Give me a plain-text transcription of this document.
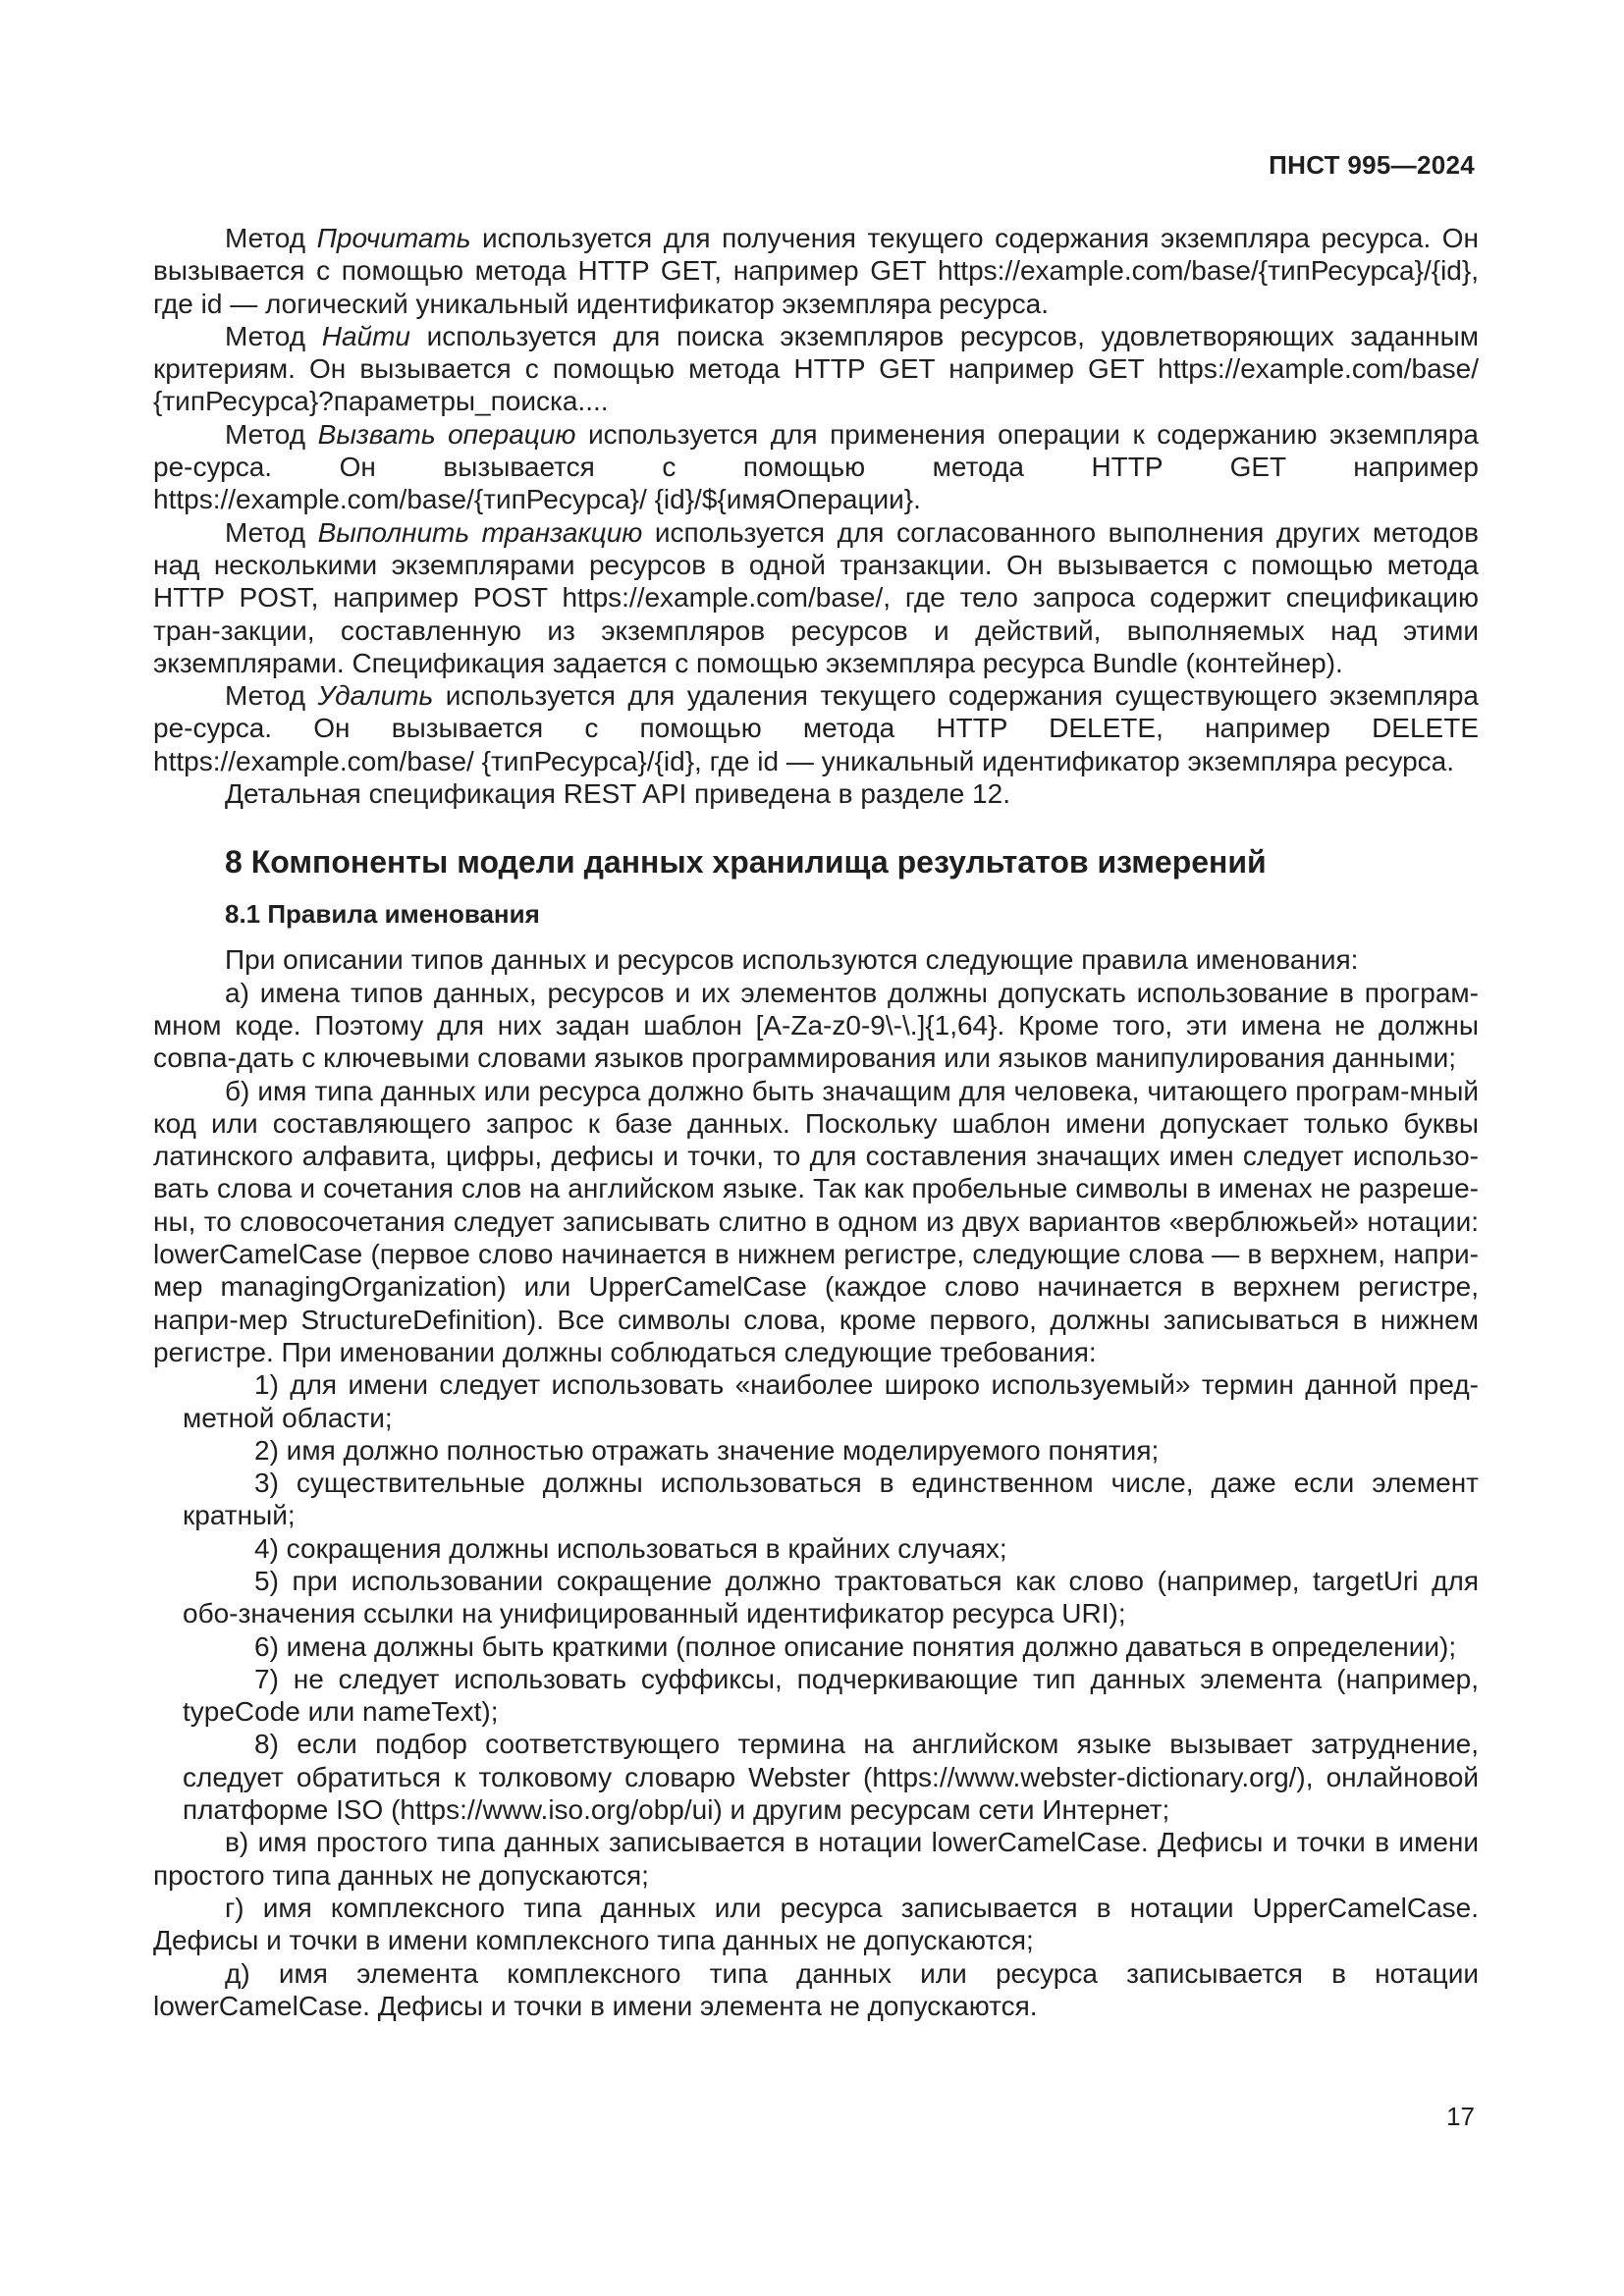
ПНСТ 995—2024

Метод Прочитать используется для получения текущего содержания экземпляра ресурса. Он вызывается с помощью метода HTTP GET, например GET https://example.com/base/{типРесурса}/{id}, где id — логический уникальный идентификатор экземпляра ресурса.

Метод Найти используется для поиска экземпляров ресурсов, удовлетворяющих заданным критериям. Он вызывается с помощью метода HTTP GET например GET https://example.com/base/ {типРесурса}?параметры_поиска....

Метод Вызвать операцию используется для применения операции к содержанию экземпляра ре-сурса. Он вызывается с помощью метода HTTP GET например https://example.com/base/{типРесурса}/ {id}/${имяОперации}.

Метод Выполнить транзакцию используется для согласованного выполнения других методов над несколькими экземплярами ресурсов в одной транзакции. Он вызывается с помощью метода HTTP POST, например POST https://example.com/base/, где тело запроса содержит спецификацию тран-закции, составленную из экземпляров ресурсов и действий, выполняемых над этими экземплярами. Спецификация задается с помощью экземпляра ресурса Bundle (контейнер).

Метод Удалить используется для удаления текущего содержания существующего экземпляра ре-сурса. Он вызывается с помощью метода HTTP DELETE, например DELETE https://example.com/base/ {типРесурса}/{id}, где id — уникальный идентификатор экземпляра ресурса.

Детальная спецификация REST API приведена в разделе 12.

8 Компоненты модели данных хранилища результатов измерений
8.1 Правила именования

При описании типов данных и ресурсов используются следующие правила именования:

а) имена типов данных, ресурсов и их элементов должны допускать использование в програм-мном коде. Поэтому для них задан шаблон [A-Za-z0-9\-\.]{1,64}. Кроме того, эти имена не должны совпа-дать с ключевыми словами языков программирования или языков манипулирования данными;

б) имя типа данных или ресурса должно быть значащим для человека, читающего програм-мный код или составляющего запрос к базе данных. Поскольку шаблон имени допускает только буквы латинского алфавита, цифры, дефисы и точки, то для составления значащих имен следует использо-вать слова и сочетания слов на английском языке. Так как пробельные символы в именах не разреше-ны, то словосочетания следует записывать слитно в одном из двух вариантов «верблюжьей» нотации: lowerCamelCase (первое слово начинается в нижнем регистре, следующие слова — в верхнем, напри-мер managingOrganization) или UpperCamelCase (каждое слово начинается в верхнем регистре, напри-мер StructureDefinition). Все символы слова, кроме первого, должны записываться в нижнем регистре. При именовании должны соблюдаться следующие требования:

1) для имени следует использовать «наиболее широко используемый» термин данной пред-метной области;

2) имя должно полностью отражать значение моделируемого понятия;

3) существительные должны использоваться в единственном числе, даже если элемент кратный;

4) сокращения должны использоваться в крайних случаях;

5) при использовании сокращение должно трактоваться как слово (например, targetUri для обо-значения ссылки на унифицированный идентификатор ресурса URI);

6) имена должны быть краткими (полное описание понятия должно даваться в определении);

7) не следует использовать суффиксы, подчеркивающие тип данных элемента (например, typeCode или nameText);

8) если подбор соответствующего термина на английском языке вызывает затруднение, следует обратиться к толковому словарю Webster (https://www.webster-dictionary.org/), онлайновой платформе ISO (https://www.iso.org/obp/ui) и другим ресурсам сети Интернет;

в) имя простого типа данных записывается в нотации lowerCamelCase. Дефисы и точки в имени простого типа данных не допускаются;

г) имя комплексного типа данных или ресурса записывается в нотации UpperCamelCase. Дефисы и точки в имени комплексного типа данных не допускаются;

д) имя элемента комплексного типа данных или ресурса записывается в нотации lowerCamelCase. Дефисы и точки в имени элемента не допускаются.

17
